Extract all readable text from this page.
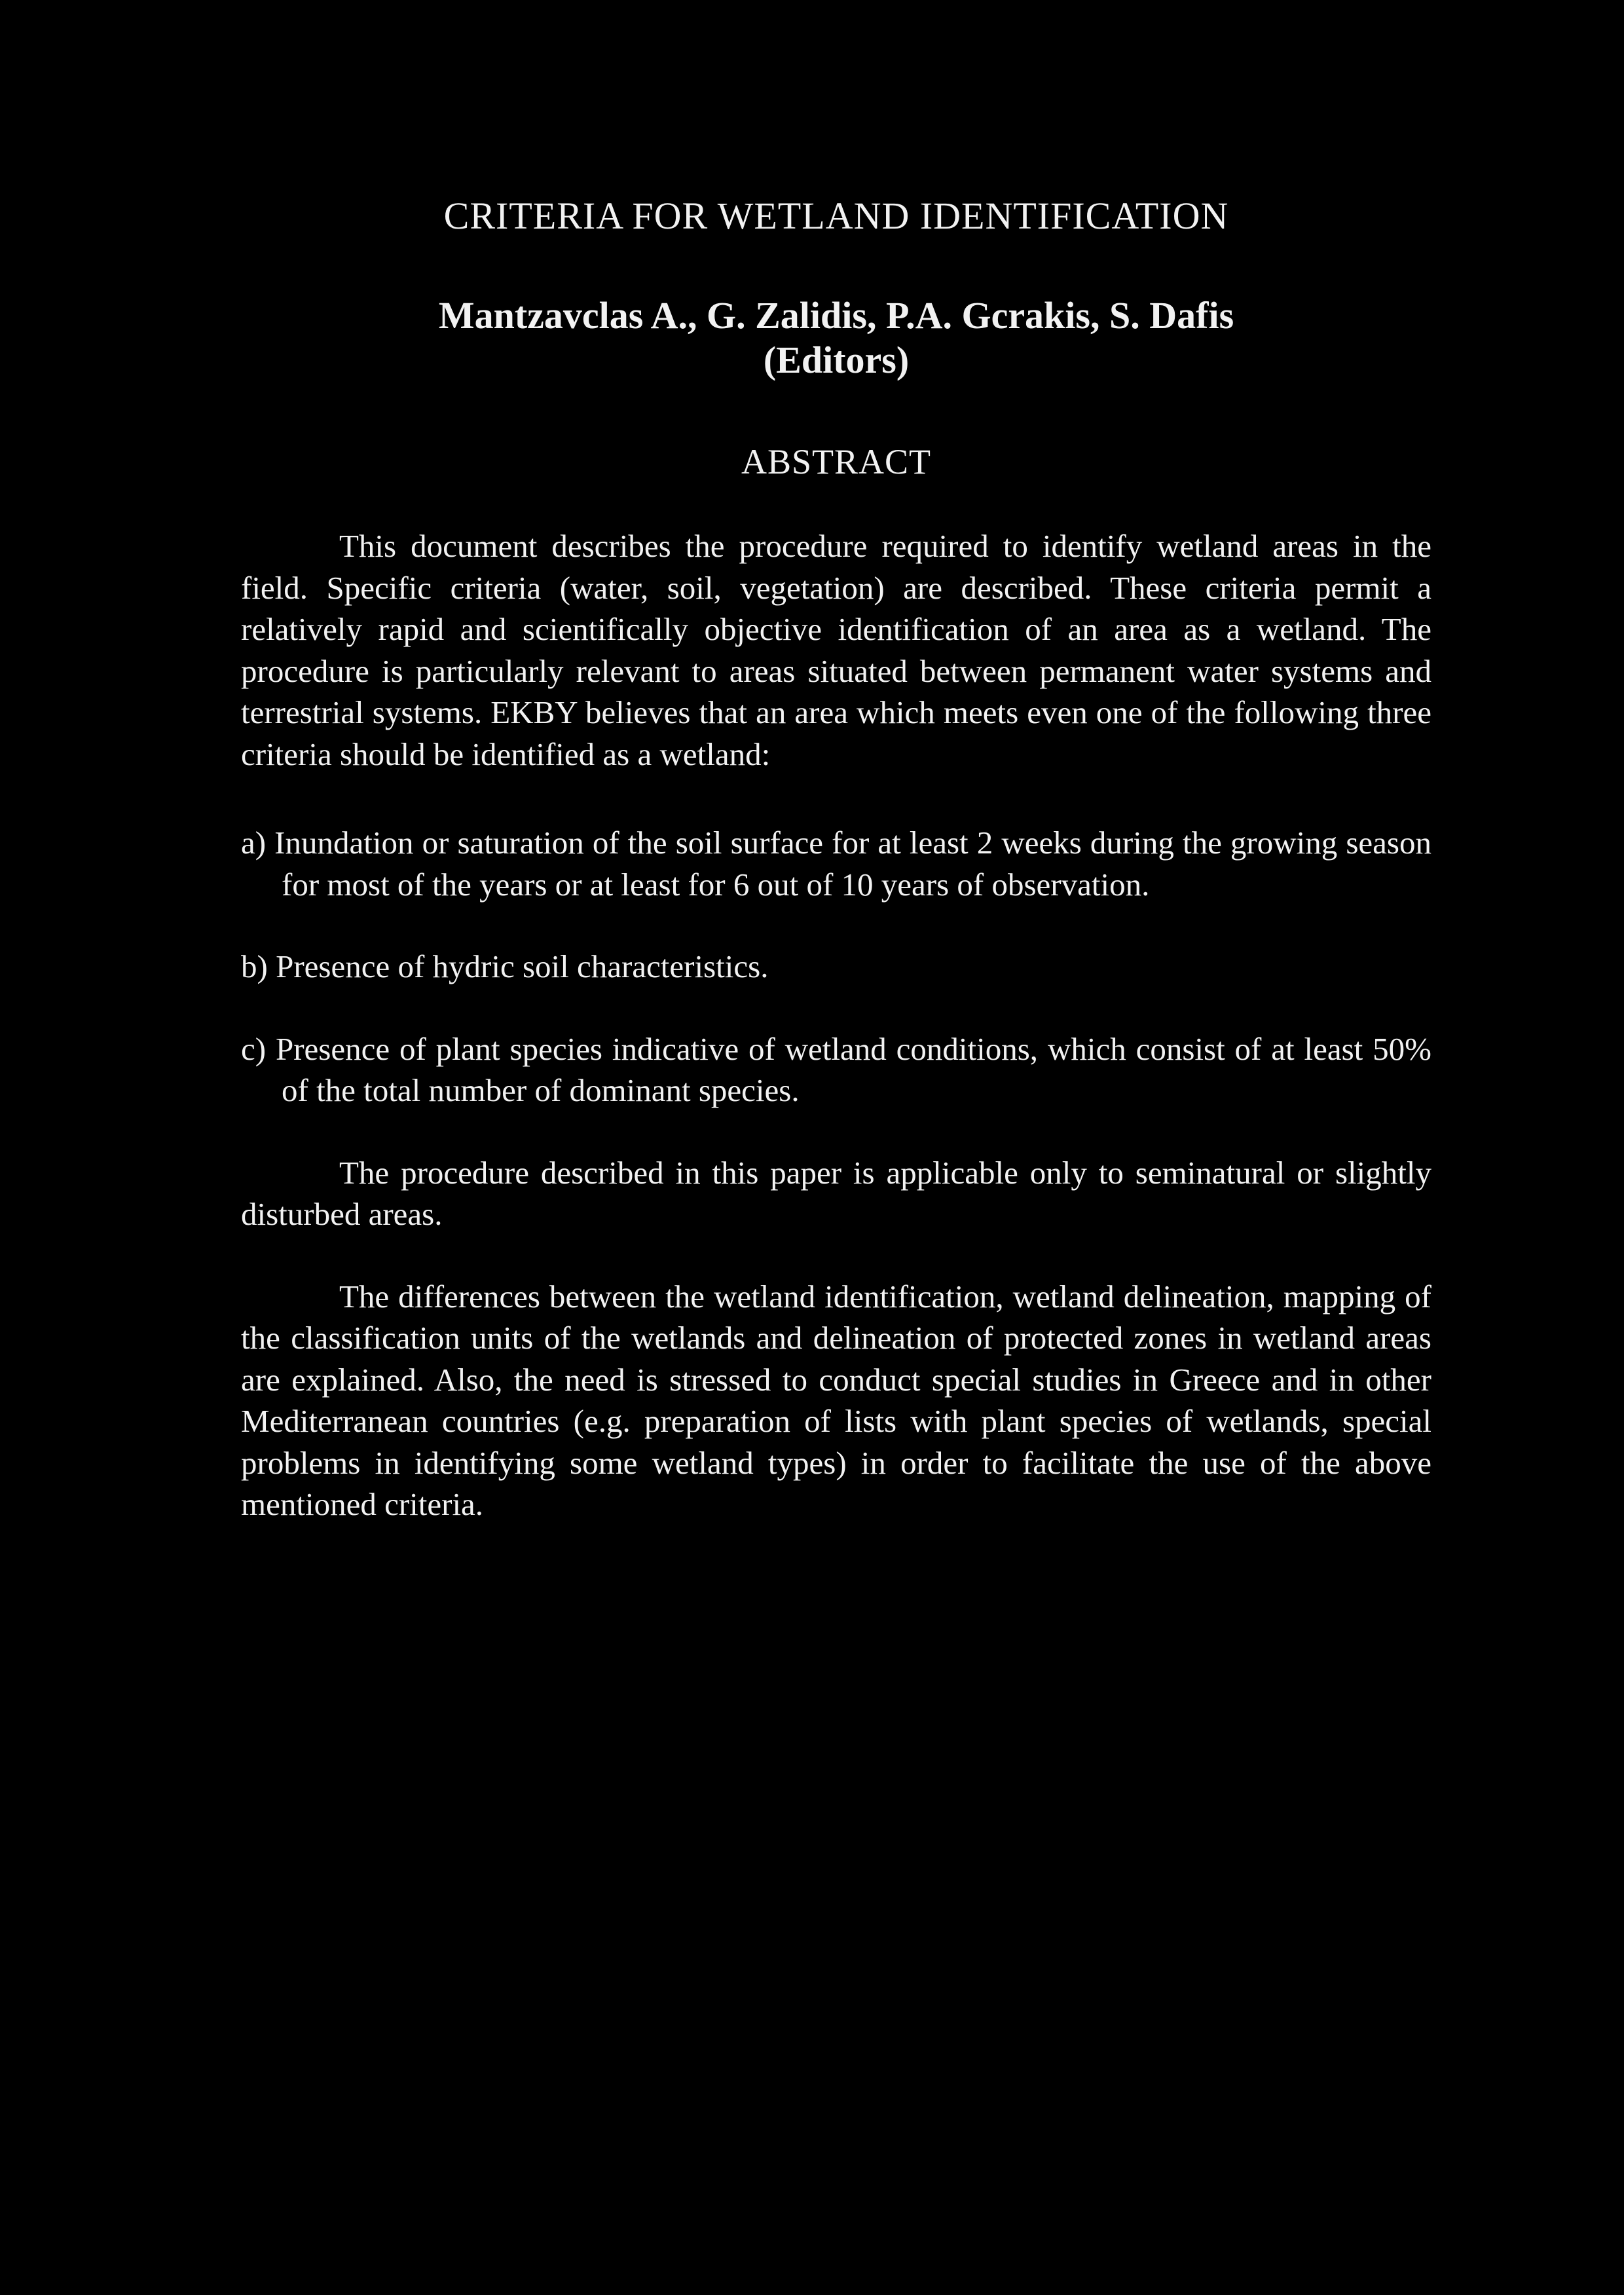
CRITERIA FOR WETLAND IDENTIFICATION
Mantzavclas A., G. Zalidis, P.A. Gcrakis, S. Dafis
(Editors)
ABSTRACT

This document describes the procedure required to identify wetland areas in the field. Specific criteria (water, soil, vegetation) are described. These criteria permit a relatively rapid and scientifically objective identification of an area as a wetland. The procedure is particularly relevant to areas situated between permanent water systems and terrestrial systems. EKBY believes that an area which meets even one of the following three criteria should be identified as a wetland:

a) Inundation or saturation of the soil surface for at least 2 weeks during the growing season for most of the years or at least for 6 out of 10 years of observation.
b) Presence of hydric soil characteristics.
c) Presence of plant species indicative of wetland conditions, which consist of at least 50% of the total number of dominant species.

The procedure described in this paper is applicable only to seminatural or slightly disturbed areas.

The differences between the wetland identification, wetland delineation, mapping of the classification units of the wetlands and delineation of protected zones in wetland areas are explained. Also, the need is stressed to conduct special studies in Greece and in other Mediterranean countries (e.g. preparation of lists with plant species of wetlands, special problems in identifying some wetland types) in order to facilitate the use of the above mentioned criteria.
